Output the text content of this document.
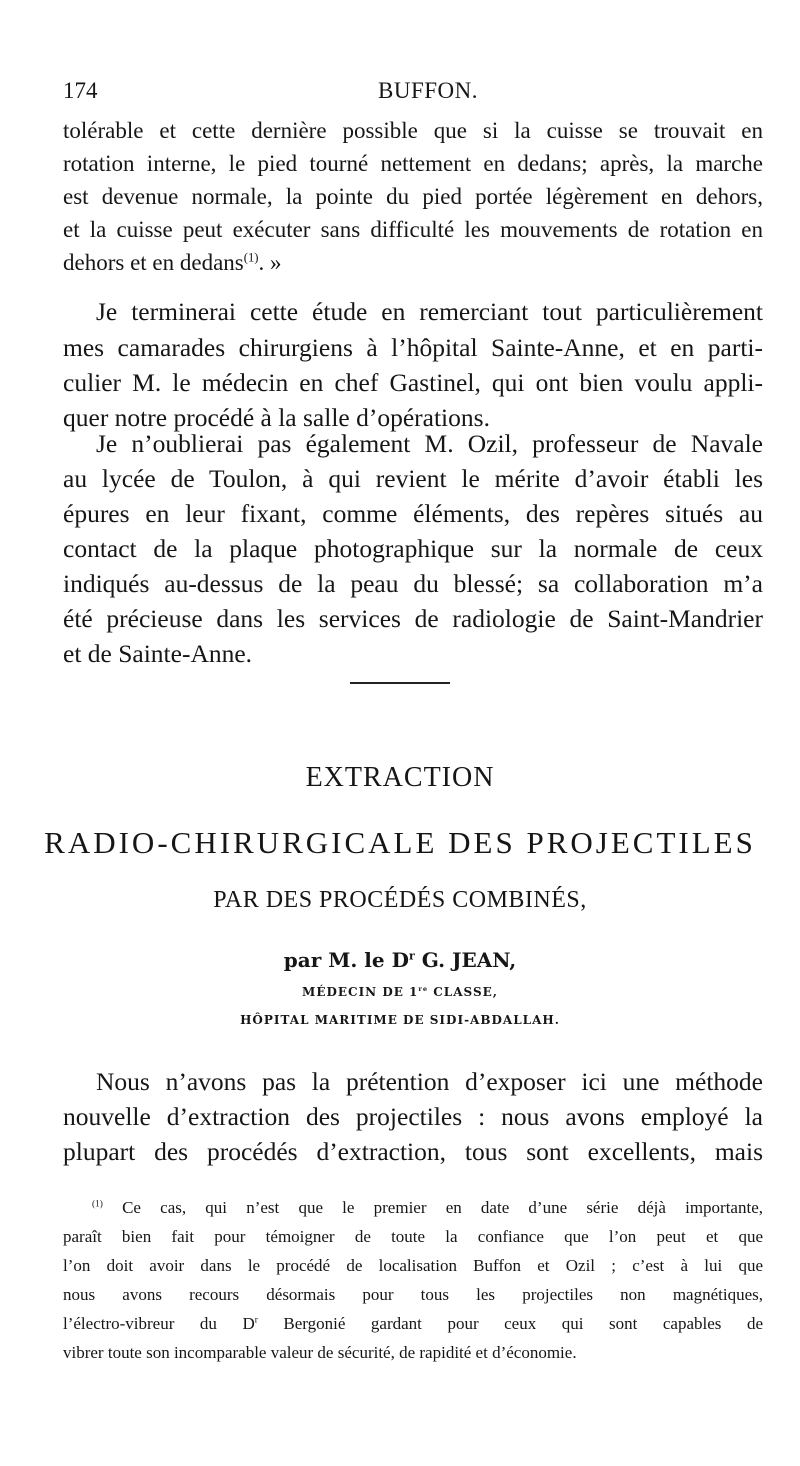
174	BUFFON.
tolérable et cette dernière possible que si la cuisse se trouvait en
rotation interne, le pied tourné nettement en dedans; après, la marche
est devenue normale, la pointe du pied portée légèrement en dehors,
et la cuisse peut exécuter sans difficulté les mouvements de rotation en
dehors et en dedans$^{(1)}$. »
Je terminerai cette étude en remerciant tout particulièrement
mes camarades chirurgiens à l’hôpital Sainte-Anne, et en parti-
culier M. le médecin en chef Gastinel, qui ont bien voulu appli-
quer notre procédé à la salle d’opérations.
Je n’oublierai pas également M. Ozil, professeur de Navale
au lycée de Toulon, à qui revient le mérite d’avoir établi les
épures en leur fixant, comme éléments, des repères situés au
contact de la plaque photographique sur la normale de ceux
indiqués au-dessus de la peau du blessé; sa collaboration m’a
été précieuse dans les services de radiologie de Saint-Mandrier
et de Sainte-Anne.
EXTRACTION
RADIO-CHIRURGICALE DES PROJECTILES
PAR DES PROCÉDÉS COMBINÉS,
par M. le $D^r$ G. JEAN,
MÉDECIN DE 1re CLASSE,
HÔPITAL MARITIME DE SIDI-ABDALLAH.
Nous n’avons pas la prétention d’exposer ici une méthode
nouvelle d’extraction des projectiles : nous avons employé la
plupart des procédés d’extraction, tous sont excellents, mais
$^{(1)}$ Ce cas, qui n’est que le premier en date d’une série déjà importante,
paraît bien fait pour témoigner de toute la confiance que l’on peut et que
l’on doit avoir dans le procédé de localisation Buffon et Ozil ; c’est à lui que
nous avons recours désormais pour tous les projectiles non magnétiques,
l’électro-vibreur du $D^r$ Bergonié gardant pour ceux qui sont capables de
vibrer toute son incomparable valeur de sécurité, de rapidité et d’économie.
